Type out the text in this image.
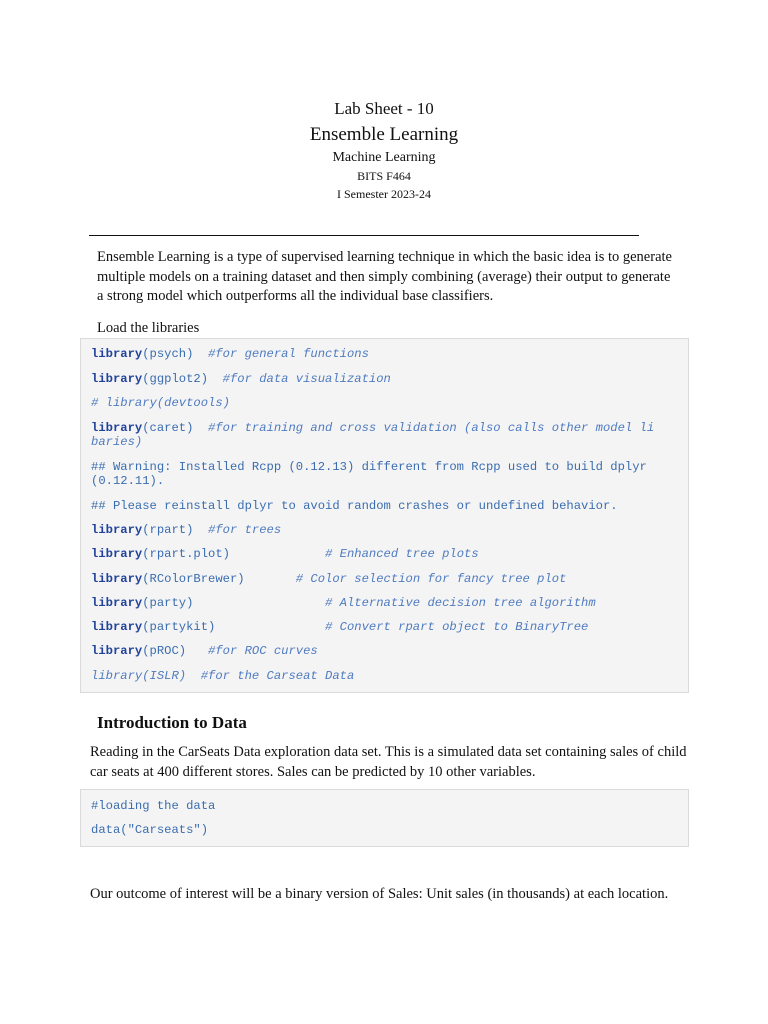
Lab Sheet - 10
Ensemble Learning
Machine Learning
BITS F464
I Semester 2023-24

Ensemble Learning is a type of supervised learning technique in which the basic idea is to generate multiple models on a training dataset and then simply combining (average) their output to generate a strong model which outperforms all the individual base classifiers.

Load the libraries

library(psych)  #for general functions
library(ggplot2)  #for data visualization
# library(devtools)
library(caret)  #for training and cross validation (also calls other model li
baries)
## Warning: Installed Rcpp (0.12.13) different from Rcpp used to build dplyr
(0.12.11).
## Please reinstall dplyr to avoid random crashes or undefined behavior.
library(rpart)  #for trees
library(rpart.plot)             # Enhanced tree plots
library(RColorBrewer)       # Color selection for fancy tree plot
library(party)                  # Alternative decision tree algorithm
library(partykit)               # Convert rpart object to BinaryTree
library(pROC)   #for ROC curves
library(ISLR)  #for the Carseat Data
Introduction to Data

Reading in the CarSeats Data exploration data set. This is a simulated data set containing sales of child car seats at 400 different stores. Sales can be predicted by 10 other variables.

#loading the data
data("Carseats")

Our outcome of interest will be a binary version of Sales: Unit sales (in thousands) at each location.
